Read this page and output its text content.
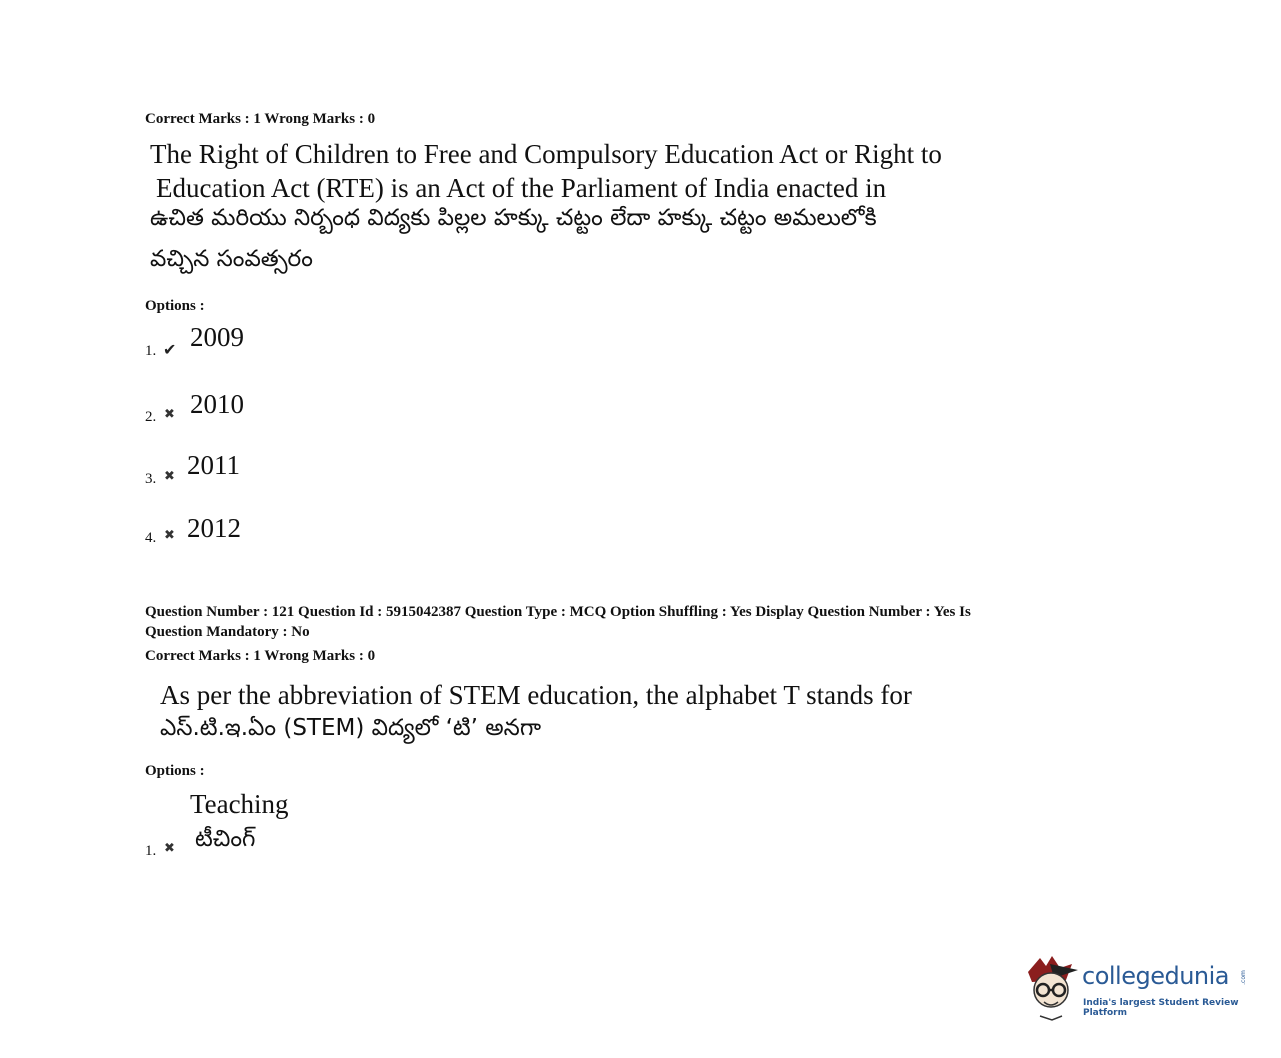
Correct Marks : 1 Wrong Marks : 0
The Right of Children to Free and Compulsory Education Act or Right to
Education Act (RTE) is an Act of the Parliament of India enacted in
ఉచిత మరియు నిర్బంధ విద్యకు పిల్లల హక్కు చట్టం లేదా హక్కు చట్టం అమలులోకి
వచ్చిన సంవత్సరం
Options :
1. ✔ 2009
2. ✖ 2010
3. ✖ 2011
4. ✖ 2012
Question Number : 121 Question Id : 5915042387 Question Type : MCQ Option Shuffling : Yes Display Question Number : Yes Is
Question Mandatory : No
Correct Marks : 1 Wrong Marks : 0
As per the abbreviation of STEM education, the alphabet T stands for
ఎస్.టి.ఇ.ఏం (STEM) విద్యలో ‘టి’ అనగా
Options :
1. ✖
Teaching
టీచింగ్
collegedunia .com
India's largest Student Review Platform
